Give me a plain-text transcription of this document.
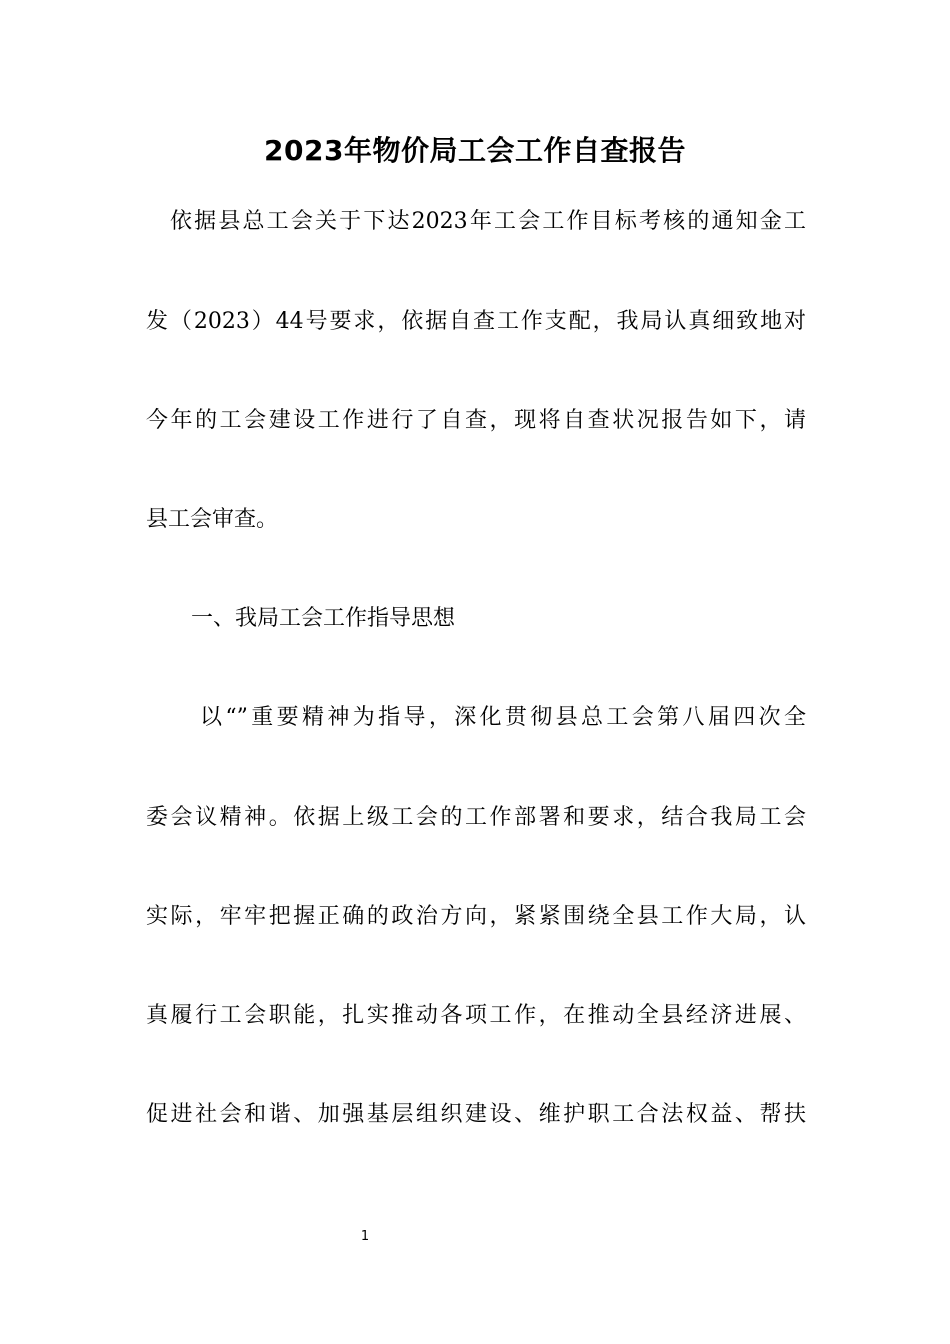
2023年物价局工会工作自查报告

依据县总工会关于下达2023年工会工作目标考核的通知金工

发（2023）44号要求，依据自查工作支配，我局认真细致地对

今年的工会建设工作进行了自查，现将自查状况报告如下，请

县工会审查。

一、我局工会工作指导思想

以“”重要精神为指导，深化贯彻县总工会第八届四次全

委会议精神。依据上级工会的工作部署和要求，结合我局工会

实际，牢牢把握正确的政治方向，紧紧围绕全县工作大局，认

真履行工会职能，扎实推动各项工作，在推动全县经济进展、

促进社会和谐、加强基层组织建设、维护职工合法权益、帮扶

1
